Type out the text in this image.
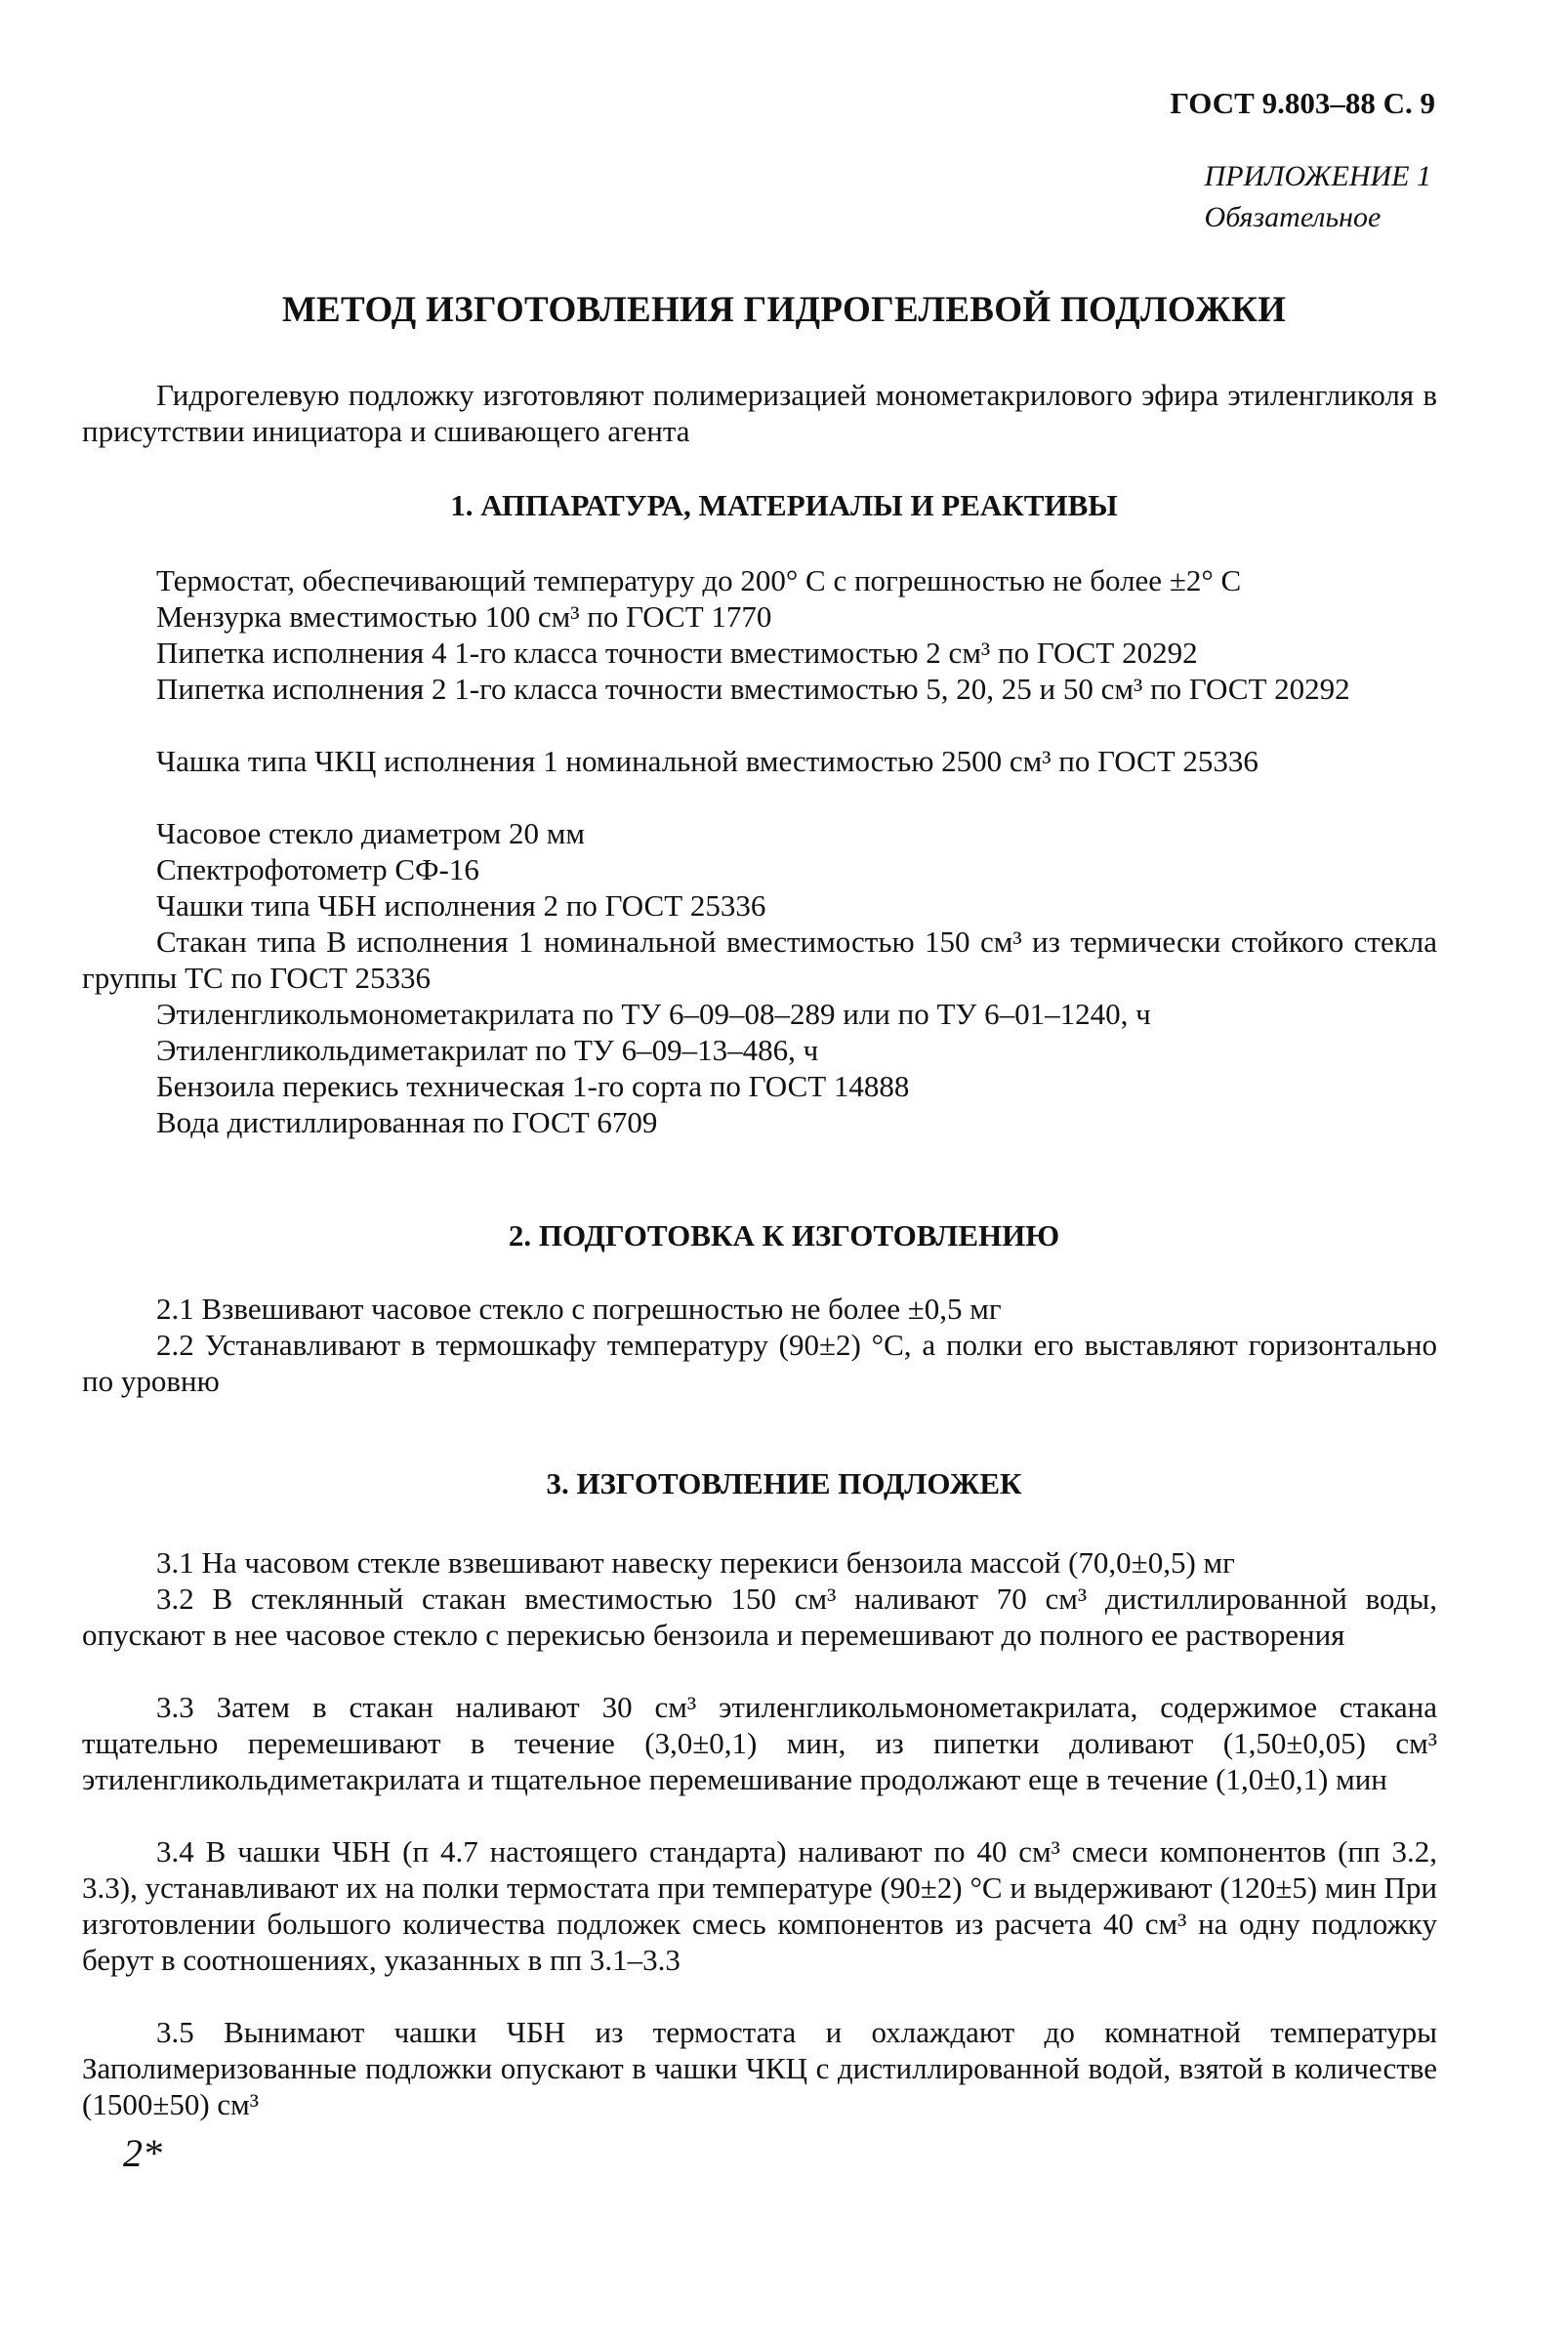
ГОСТ 9.803–88 С. 9
ПРИЛОЖЕНИЕ 1
Обязательное
МЕТОД ИЗГОТОВЛЕНИЯ ГИДРОГЕЛЕВОЙ ПОДЛОЖКИ
Гидрогелевую подложку изготовляют полимеризацией монометакрилового эфира этиленгликоля в присутствии инициатора и сшивающего агента
1. АППАРАТУРА, МАТЕРИАЛЫ И РЕАКТИВЫ
Термостат, обеспечивающий температуру до 200° С с погрешностью не более ±2° С
Мензурка вместимостью 100 см³ по ГОСТ 1770
Пипетка исполнения 4 1-го класса точности вместимостью 2 см³ по ГОСТ 20292
Пипетка исполнения 2 1-го класса точности вместимостью 5, 20, 25 и 50 см³ по ГОСТ 20292
Чашка типа ЧКЦ исполнения 1 номинальной вместимостью 2500 см³ по ГОСТ 25336
Часовое стекло диаметром 20 мм
Спектрофотометр СФ-16
Чашки типа ЧБН исполнения 2 по ГОСТ 25336
Стакан типа В исполнения 1 номинальной вместимостью 150 см³ из термически стойкого стекла группы ТС по ГОСТ 25336
Этиленгликольмонометакрилата по ТУ 6–09–08–289 или по ТУ 6–01–1240, ч
Этиленгликольдиметакрилат по ТУ 6–09–13–486, ч
Бензоила перекись техническая 1-го сорта по ГОСТ 14888
Вода дистиллированная по ГОСТ 6709
2. ПОДГОТОВКА К ИЗГОТОВЛЕНИЮ
2.1 Взвешивают часовое стекло с погрешностью не более ±0,5 мг
2.2 Устанавливают в термошкафу температуру (90±2) °С, а полки его выставляют горизонтально по уровню
3. ИЗГОТОВЛЕНИЕ ПОДЛОЖЕК
3.1 На часовом стекле взвешивают навеску перекиси бензоила массой (70,0±0,5) мг
3.2 В стеклянный стакан вместимостью 150 см³ наливают 70 см³ дистиллированной воды, опускают в нее часовое стекло с перекисью бензоила и перемешивают до полного ее растворения
3.3 Затем в стакан наливают 30 см³ этиленгликольмонометакрилата, содержимое стакана тщательно перемешивают в течение (3,0±0,1) мин, из пипетки доливают (1,50±0,05) см³ этиленгликольдиметакрилата и тщательное перемешивание продолжают еще в течение (1,0±0,1) мин
3.4 В чашки ЧБН (п 4.7 настоящего стандарта) наливают по 40 см³ смеси компонентов (пп 3.2, 3.3), устанавливают их на полки термостата при температуре (90±2) °С и выдерживают (120±5) мин При изготовлении большого количества подложек смесь компонентов из расчета 40 см³ на одну подложку берут в соотношениях, указанных в пп 3.1–3.3
3.5 Вынимают чашки ЧБН из термостата и охлаждают до комнатной температуры Заполимеризованные подложки опускают в чашки ЧКЦ с дистиллированной водой, взятой в количестве (1500±50) см³
2*
